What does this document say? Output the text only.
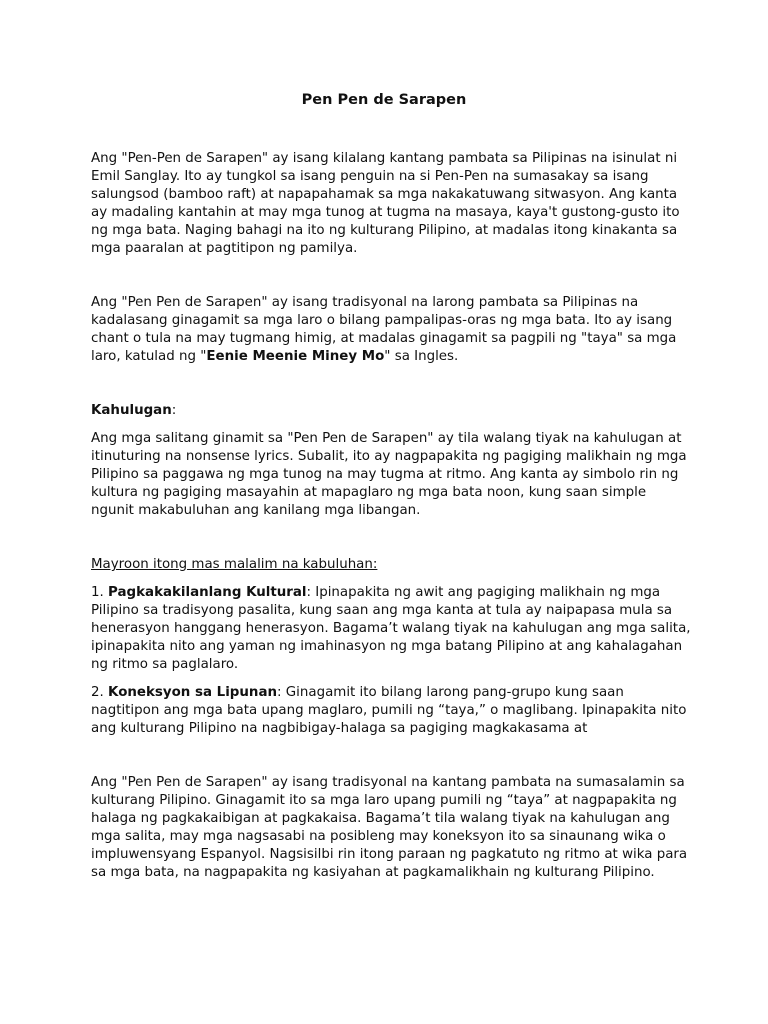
Pen Pen de Sarapen

Ang "Pen-Pen de Sarapen" ay isang kilalang kantang pambata sa Pilipinas na isinulat ni Emil Sanglay. Ito ay tungkol sa isang penguin na si Pen-Pen na sumasakay sa isang salungsod (bamboo raft) at napapahamak sa mga nakakatuwang sitwasyon. Ang kanta ay madaling kantahin at may mga tunog at tugma na masaya, kaya't gustong-gusto ito ng mga bata. Naging bahagi na ito ng kulturang Pilipino, at madalas itong kinakanta sa mga paaralan at pagtitipon ng pamilya.

Ang "Pen Pen de Sarapen" ay isang tradisyonal na larong pambata sa Pilipinas na kadalasang ginagamit sa mga laro o bilang pampalipas-oras ng mga bata. Ito ay isang chant o tula na may tugmang himig, at madalas ginagamit sa pagpili ng "taya" sa mga laro, katulad ng "Eenie Meenie Miney Mo" sa Ingles.

Kahulugan:

Ang mga salitang ginamit sa "Pen Pen de Sarapen" ay tila walang tiyak na kahulugan at itinuturing na nonsense lyrics. Subalit, ito ay nagpapakita ng pagiging malikhain ng mga Pilipino sa paggawa ng mga tunog na may tugma at ritmo. Ang kanta ay simbolo rin ng kultura ng pagiging masayahin at mapaglaro ng mga bata noon, kung saan simple ngunit makabuluhan ang kanilang mga libangan.

Mayroon itong mas malalim na kabuluhan:

1. Pagkakakilanlang Kultural: Ipinapakita ng awit ang pagiging malikhain ng mga Pilipino sa tradisyong pasalita, kung saan ang mga kanta at tula ay naipapasa mula sa henerasyon hanggang henerasyon. Bagama’t walang tiyak na kahulugan ang mga salita, ipinapakita nito ang yaman ng imahinasyon ng mga batang Pilipino at ang kahalagahan ng ritmo sa paglalaro.

2. Koneksyon sa Lipunan: Ginagamit ito bilang larong pang-grupo kung saan nagtitipon ang mga bata upang maglaro, pumili ng “taya,” o maglibang. Ipinapakita nito ang kulturang Pilipino na nagbibigay-halaga sa pagiging magkakasama at

Ang "Pen Pen de Sarapen" ay isang tradisyonal na kantang pambata na sumasalamin sa kulturang Pilipino. Ginagamit ito sa mga laro upang pumili ng “taya” at nagpapakita ng halaga ng pagkakaibigan at pagkakaisa. Bagama’t tila walang tiyak na kahulugan ang mga salita, may mga nagsasabi na posibleng may koneksyon ito sa sinaunang wika o impluwensyang Espanyol. Nagsisilbi rin itong paraan ng pagkatuto ng ritmo at wika para sa mga bata, na nagpapakita ng kasiyahan at pagkamalikhain ng kulturang Pilipino.
